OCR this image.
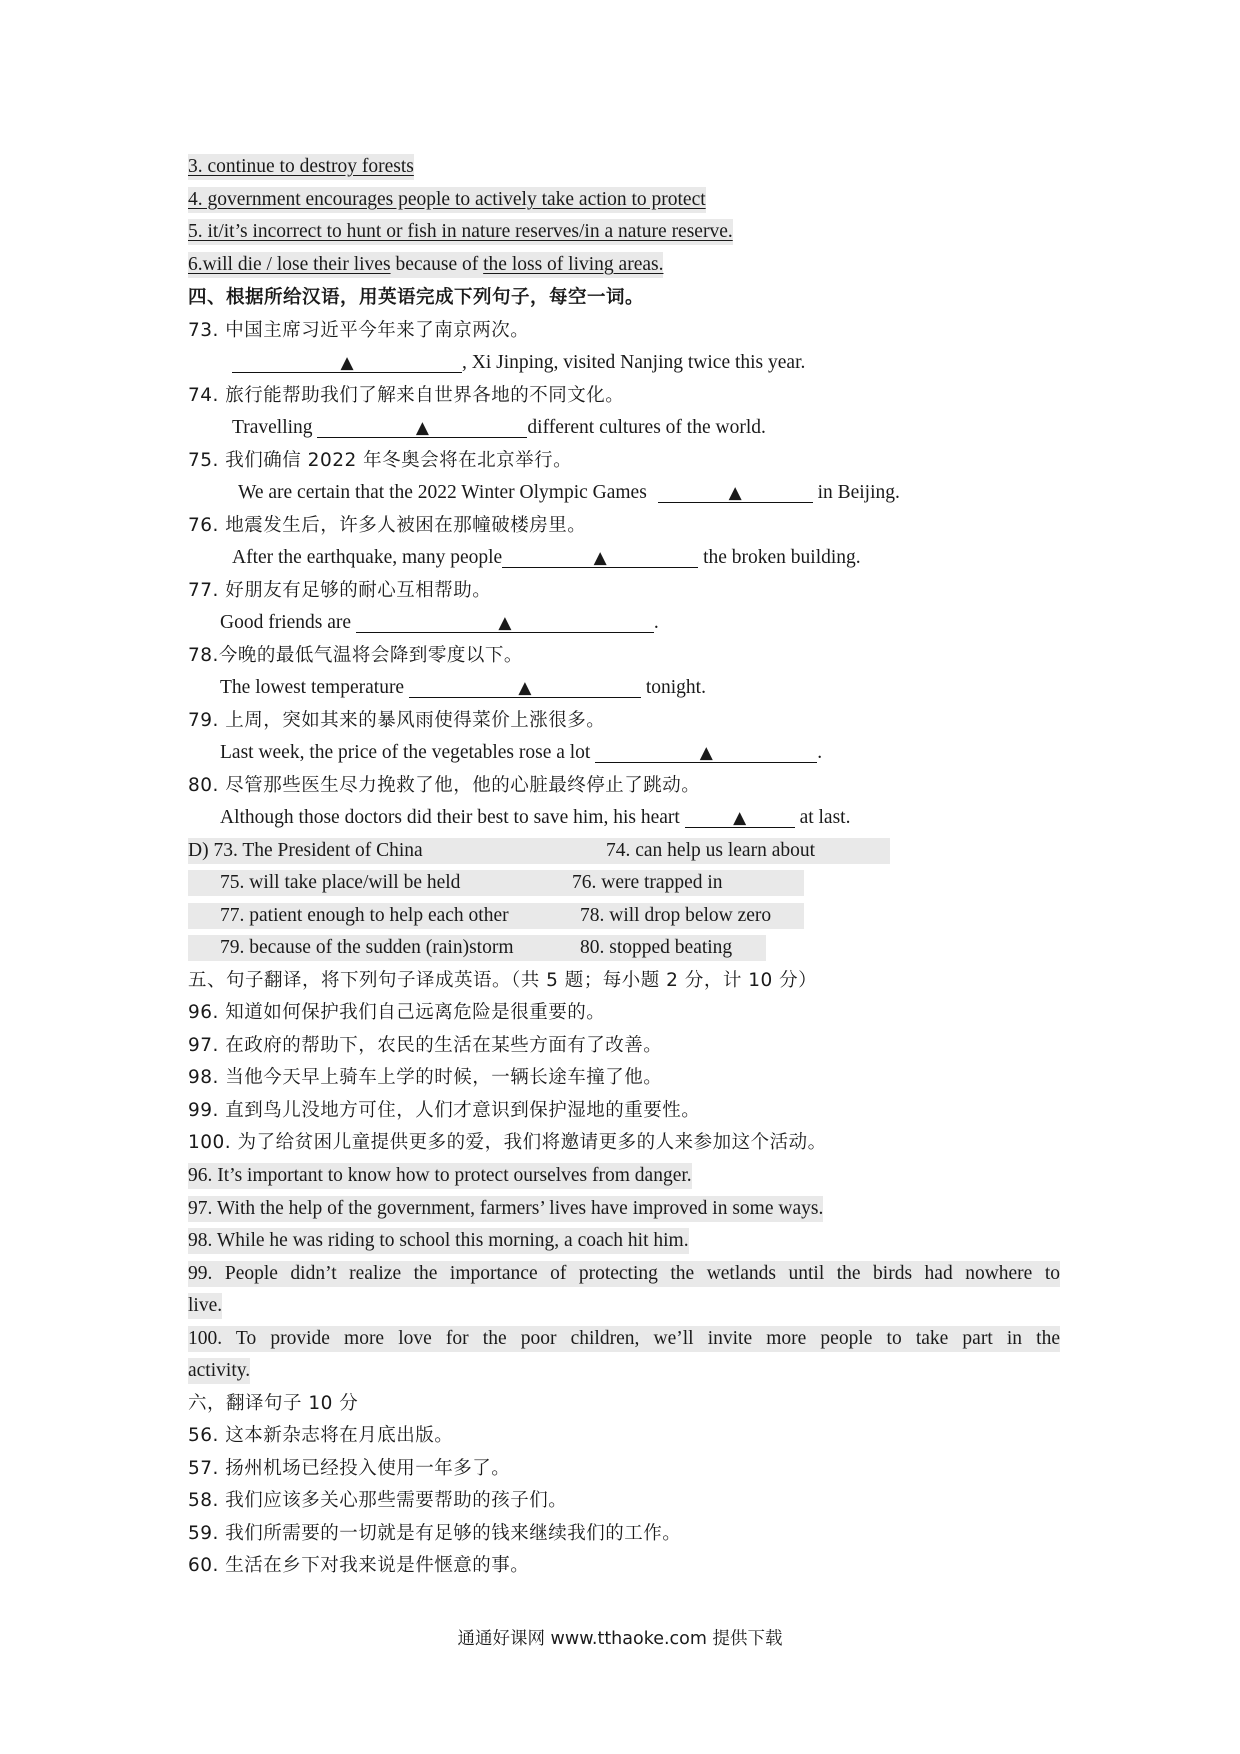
3. continue to destroy forests
4. government encourages people to actively take action to protect
5. it/it’s incorrect to hunt or fish in nature reserves/in a nature reserve.
6.will die / lose their lives because of the loss of living areas.
四、根据所给汉语，用英语完成下列句子，每空一词。
73. 中国主席习近平今年来了南京两次。
▲	, Xi Jinping, visited Nanjing twice this year.
74. 旅行能帮助我们了解来自世界各地的不同文化。
Travelling	▲	different cultures of the world.
75. 我们确信 2022 年冬奥会将在北京举行。
We are certain that the 2022 Winter Olympic Games	▲	in Beijing.
76. 地震发生后，许多人被困在那幢破楼房里。
After the earthquake, many people	▲	the broken building.
77. 好朋友有足够的耐心互相帮助。
Good friends are	▲	.
78.今晚的最低气温将会降到零度以下。
The lowest temperature	▲	tonight.
79. 上周，突如其来的暴风雨使得菜价上涨很多。
Last week, the price of the vegetables rose a lot	▲	.
80. 尽管那些医生尽力挽救了他，他的心脏最终停止了跳动。
Although those doctors did their best to save him, his heart	▲ at last.
D) 73. The President of China	74. can help us learn about
75. will take place/will be held	76. were trapped in
77. patient enough to help each other	78. will drop below zero
79. because of the sudden (rain)storm	80. stopped beating
五、句子翻译，将下列句子译成英语。（共 5 题；每小题 2 分，计 10 分）
96. 知道如何保护我们自己远离危险是很重要的。
97. 在政府的帮助下，农民的生活在某些方面有了改善。
98. 当他今天早上骑车上学的时候，一辆长途车撞了他。
99. 直到鸟儿没地方可住，人们才意识到保护湿地的重要性。
100. 为了给贫困儿童提供更多的爱，我们将邀请更多的人来参加这个活动。
96. It’s important to know how to protect ourselves from danger.
97. With the help of the government, farmers’ lives have improved in some ways.
98. While he was riding to school this morning, a coach hit him.
99. People didn’t realize the importance of protecting the wetlands until the birds had nowhere to
live.
100. To provide more love for the poor children, we’ll invite more people to take part in the
activity.
六，翻译句子 10 分
56. 这本新杂志将在月底出版。
57. 扬州机场已经投入使用一年多了。
58. 我们应该多关心那些需要帮助的孩子们。
59. 我们所需要的一切就是有足够的钱来继续我们的工作。
60. 生活在乡下对我来说是件惬意的事。
通通好课网 www.tthaoke.com 提供下载
